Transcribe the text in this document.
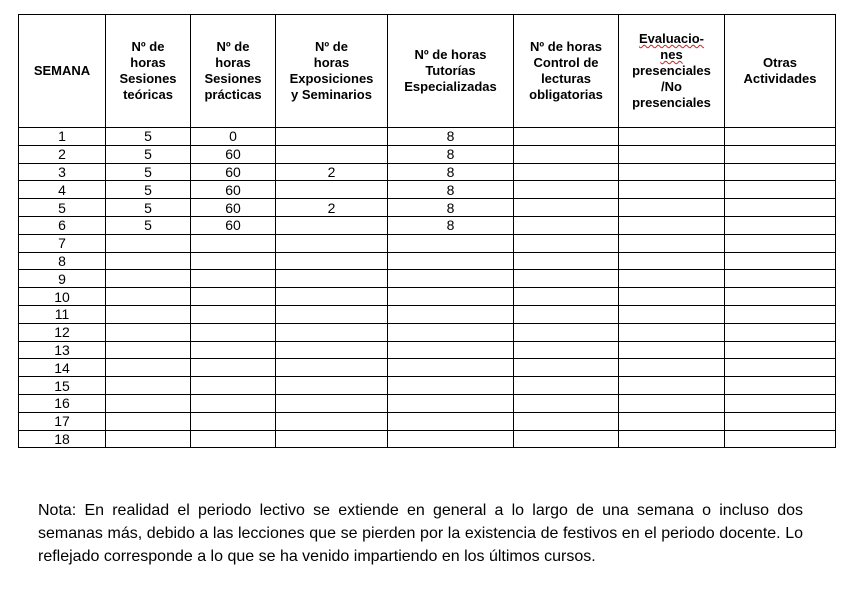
SEMANA	Nº de
horas
Sesiones
teóricas	Nº de
horas
Sesiones
prácticas	Nº de
horas
Exposiciones
y Seminarios	Nº de horas
Tutorías
Especializadas	Nº de horas
Control de
lecturas
obligatorias	Evaluacio-
nes
presenciales
/No
presenciales	Otras
Actividades
1	5	0		8			
2	5	60		8			
3	5	60	2	8			
4	5	60		8			
5	5	60	2	8			
6	5	60		8			
7							
8							
9							
10							
11							
12							
13							
14							
15							
16							
17							
18							

Nota: En realidad el periodo lectivo se extiende en general a lo largo de una semana o incluso dos semanas más, debido a las lecciones que se pierden por la existencia de festivos en el periodo docente. Lo reflejado corresponde a lo que se ha venido impartiendo en los últimos cursos.
